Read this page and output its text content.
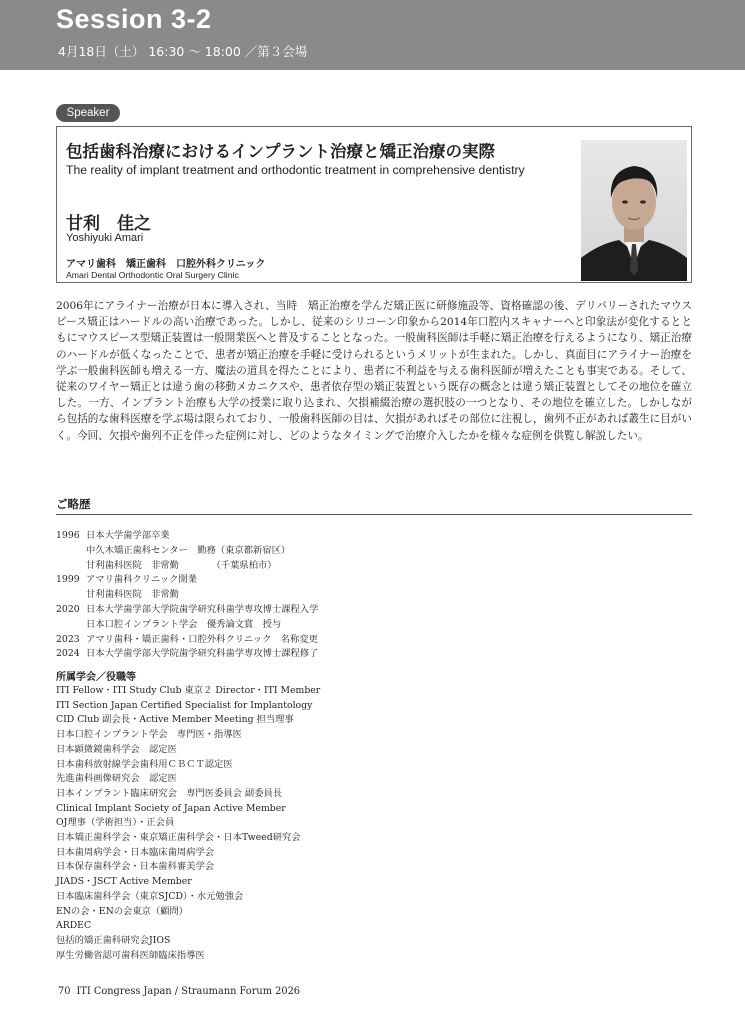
Session 3-2
4月18日（土） 16:30 〜 18:00 ／第３会場
Speaker
包括歯科治療におけるインプラント治療と矯正治療の実際
The reality of implant treatment and orthodontic treatment in comprehensive dentistry
甘利　佳之
Yoshiyuki Amari
アマリ歯科　矯正歯科　口腔外科クリニック
Amari Dental Orthodontic Oral Surgery Clinic
2006年にアライナー治療が日本に導入され、当時　矯正治療を学んだ矯正医に研修施設等、資格確認の後、デリバリーされたマウスピース矯正はハードルの高い治療であった。しかし、従来のシリコーン印象から2014年口腔内スキャナーへと印象法が変化するとともにマウスピース型矯正装置は一般開業医へと普及することとなった。一般歯科医師は手軽に矯正治療を行えるようになり、矯正治療のハードルが低くなったことで、患者が矯正治療を手軽に受けられるというメリットが生まれた。しかし、真面目にアライナー治療を学ぶ一般歯科医師も増える一方、魔法の道具を得たことにより、患者に不利益を与える歯科医師が増えたことも事実である。そして、従来のワイヤー矯正とは違う歯の移動メカニクスや、患者依存型の矯正装置という既存の概念とは違う矯正装置としてその地位を確立した。一方、インプラント治療も大学の授業に取り込まれ、欠損補綴治療の選択肢の一つとなり、その地位を確立した。しかしながら包括的な歯科医療を学ぶ場は限られており、一般歯科医師の目は、欠損があればその部位に注視し，歯列不正があれば叢生に目がいく。今回、欠損や歯列不正を伴った症例に対し、どのようなタイミングで治療介入したかを様々な症例を供覧し解説したい。
ご略歴
1996 日本大学歯学部卒業
中久木矯正歯科センター　勤務（東京都新宿区）
甘利歯科医院　非常勤　　　　（千葉県柏市）
1999 アマリ歯科クリニック開業
甘利歯科医院　非常勤
2020 日本大学歯学部大学院歯学研究科歯学専攻博士課程入学
日本口腔インプラント学会　優秀論文賞　授与
2023 アマリ歯科・矯正歯科・口腔外科クリニック　名称変更
2024 日本大学歯学部大学院歯学研究科歯学専攻博士課程修了
所属学会／役職等
ITI Fellow・ITI Study Club 東京２ Director・ITI Member
ITI Section Japan Certified Specialist for Implantology
CID Club 副会長・Active Member Meeting 担当理事
日本口腔インプラント学会　専門医・指導医
日本顕微鏡歯科学会　認定医
日本歯科放射線学会歯科用ＣＢＣＴ認定医
先進歯科画像研究会　認定医
日本インプラント臨床研究会　専門医委員会 副委員長
Clinical Implant Society of Japan Active Member
OJ理事（学術担当）・正会員
日本矯正歯科学会・東京矯正歯科学会・日本Tweed研究会
日本歯周病学会・日本臨床歯周病学会
日本保存歯科学会・日本歯科審美学会
JIADS・JSCT Active Member
日本臨床歯科学会（東京SJCD）・水元勉強会
ENの会・ENの会東京（顧問）
ARDEC
包括的矯正歯科研究会JIOS
厚生労働省認可歯科医師臨床指導医
70 ITI Congress Japan / Straumann Forum 2026
